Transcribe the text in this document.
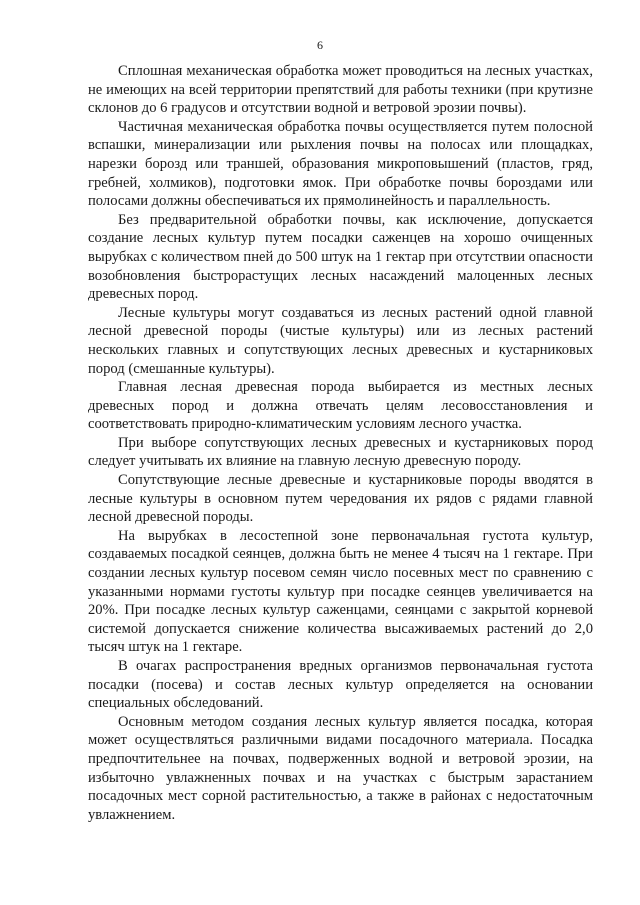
6

Сплошная механическая обработка может проводиться на лесных участках, не имеющих на всей территории препятствий для работы техники (при крутизне склонов до 6 градусов и отсутствии водной и ветровой эрозии почвы).

Частичная механическая обработка почвы осуществляется путем полосной вспашки, минерализации или рыхления почвы на полосах или площадках, нарезки борозд или траншей, образования микроповышений (пластов, гряд, гребней, холмиков), подготовки ямок. При обработке почвы бороздами или полосами должны обеспечиваться их прямолинейность и параллельность.

Без предварительной обработки почвы, как исключение, допускается создание лесных культур путем посадки саженцев на хорошо очищенных вырубках с количеством пней до 500 штук на 1 гектар при отсутствии опасности возобновления быстрорастущих лесных насаждений малоценных лесных древесных пород.

Лесные культуры могут создаваться из лесных растений одной главной лесной древесной породы (чистые культуры) или из лесных растений нескольких главных и сопутствующих лесных древесных и кустарниковых пород (смешанные культуры).

Главная лесная древесная порода выбирается из местных лесных древесных пород и должна отвечать целям лесовосстановления и соответствовать природно-климатическим условиям лесного участка.

При выборе сопутствующих лесных древесных и кустарниковых пород следует учитывать их влияние на главную лесную древесную породу.

Сопутствующие лесные древесные и кустарниковые породы вводятся в лесные культуры в основном путем чередования их рядов с рядами главной лесной древесной породы.

На вырубках в лесостепной зоне первоначальная густота культур, создаваемых посадкой сеянцев, должна быть не менее 4 тысяч на 1 гектаре. При создании лесных культур посевом семян число посевных мест по сравнению с указанными нормами густоты культур при посадке сеянцев увеличивается на 20%. При посадке лесных культур саженцами, сеянцами с закрытой корневой системой допускается снижение количества высаживаемых растений до 2,0 тысяч штук на 1 гектаре.

В очагах распространения вредных организмов первоначальная густота посадки (посева) и состав лесных культур определяется на основании специальных обследований.

Основным методом создания лесных культур является посадка, которая может осуществляться различными видами посадочного материала. Посадка предпочтительнее на почвах, подверженных водной и ветровой эрозии, на избыточно увлажненных почвах и на участках с быстрым зарастанием посадочных мест сорной растительностью, а также в районах с недостаточным увлажнением.
